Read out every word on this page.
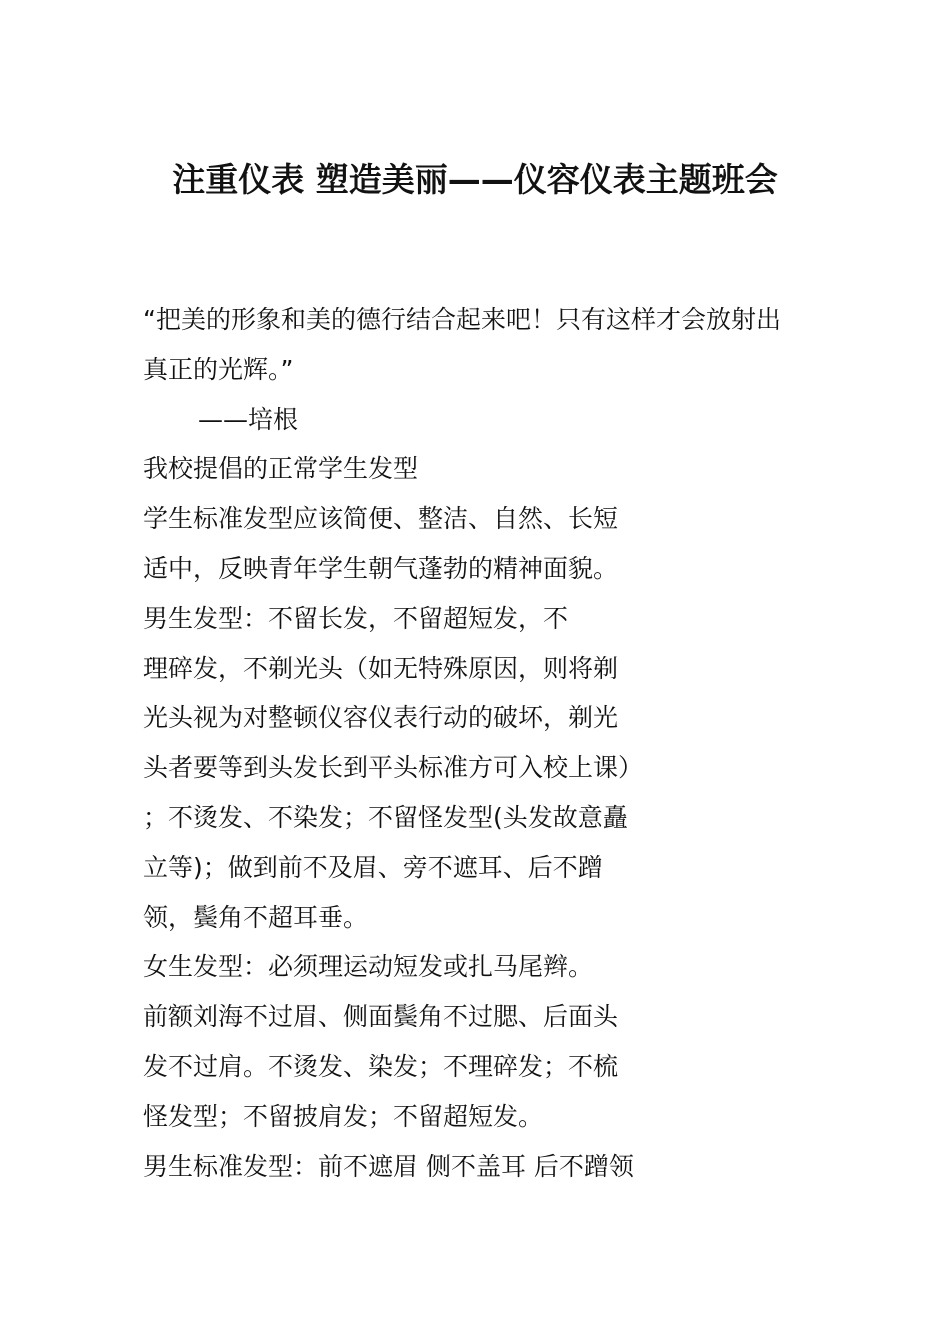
注重仪表 塑造美丽——仪容仪表主题班会
“把美的形象和美的德行结合起来吧！只有这样才会放射出
真正的光辉。”
——培根
我校提倡的正常学生发型
学生标准发型应该简便、整洁、自然、长短
适中，反映青年学生朝气蓬勃的精神面貌。
男生发型：不留长发，不留超短发，不
理碎发，不剃光头（如无特殊原因，则将剃
光头视为对整顿仪容仪表行动的破坏，剃光
头者要等到头发长到平头标准方可入校上课）
；不烫发、不染发；不留怪发型(头发故意矗
立等)；做到前不及眉、旁不遮耳、后不蹭
领，鬓角不超耳垂。
女生发型：必须理运动短发或扎马尾辫。
前额刘海不过眉、侧面鬓角不过腮、后面头
发不过肩。不烫发、染发；不理碎发；不梳
怪发型；不留披肩发；不留超短发。
男生标准发型：前不遮眉 侧不盖耳 后不蹭领
